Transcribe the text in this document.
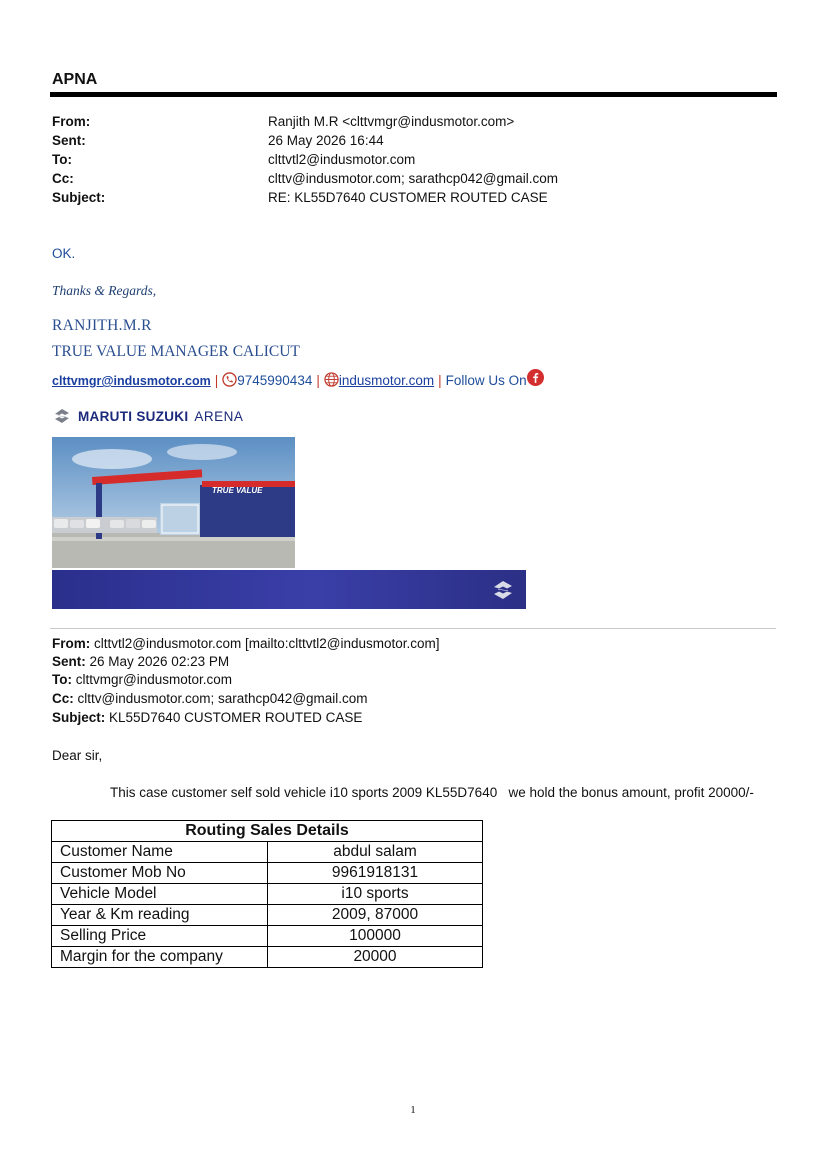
APNA
From:	Ranjith M.R <clttvmgr@indusmotor.com>
Sent:	26 May 2026 16:44
To:	clttvtl2@indusmotor.com
Cc:	clttv@indusmotor.com; sarathcp042@gmail.com
Subject:	RE: KL55D7640 CUSTOMER ROUTED CASE
OK.
Thanks & Regards,
RANJITH.M.R
TRUE VALUE MANAGER CALICUT
clttvmgr@indusmotor.com | 9745990434 | indusmotor.com | Follow Us On
MARUTI SUZUKI ARENA
TRUE VALUE
From: clttvtl2@indusmotor.com [mailto:clttvtl2@indusmotor.com]
Sent: 26 May 2026 02:23 PM
To: clttvmgr@indusmotor.com
Cc: clttv@indusmotor.com; sarathcp042@gmail.com
Subject: KL55D7640 CUSTOMER ROUTED CASE
Dear sir,
This case customer self sold vehicle i10 sports 2009 KL55D7640   we hold the bonus amount, profit 20000/-
Routing Sales Details	
Customer Name	abdul salam
Customer Mob No	9961918131
Vehicle Model	i10 sports
Year & Km reading	2009, 87000
Selling Price	100000
Margin for the company	20000
1
